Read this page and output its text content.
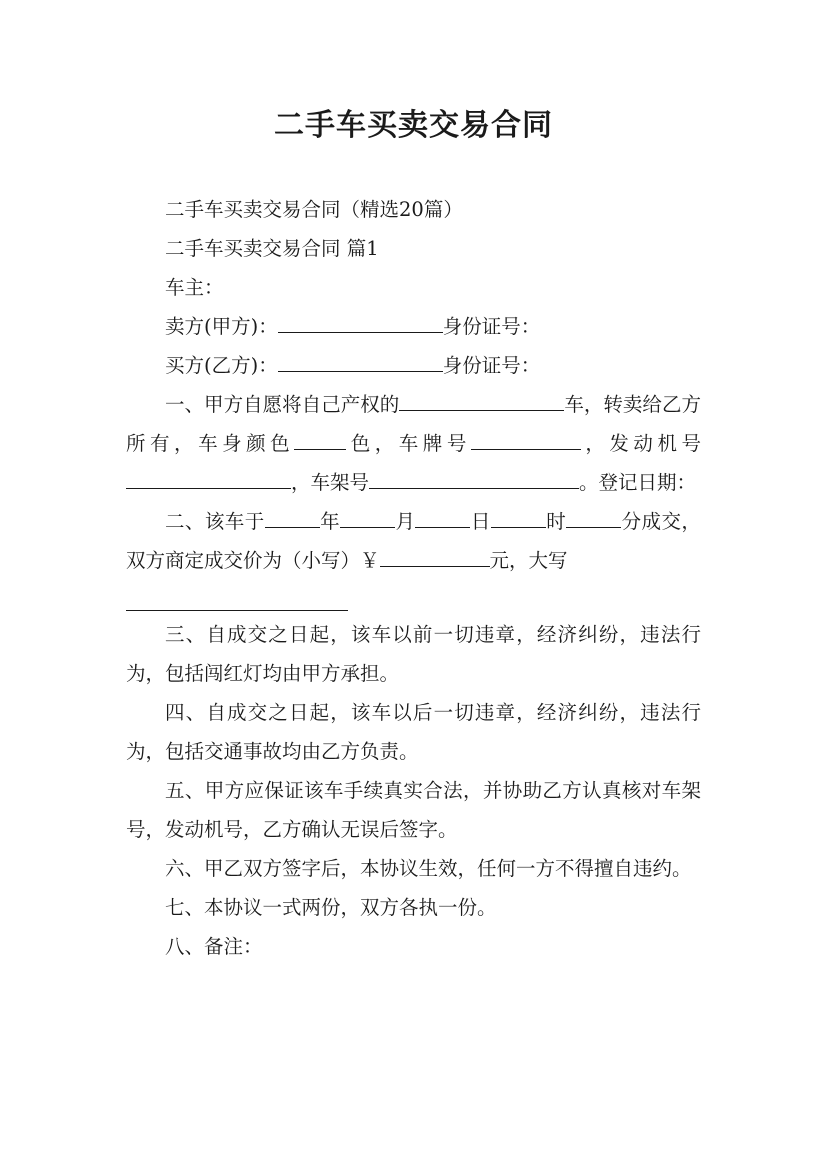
二手车买卖交易合同

二手车买卖交易合同（精选20篇）

二手车买卖交易合同 篇1

车主：

卖方(甲方)：	身份证号：

买方(乙方)：	身份证号：

一、甲方自愿将自己产权的	车，转卖给乙方所有，车身颜色	色，车牌号	，发动机号，车架号	。登记日期：

二、该车于	年	月	日	时	分成交，双方商定成交价为（小写）￥	元，大写

三、自成交之日起，该车以前一切违章，经济纠纷，违法行为，包括闯红灯均由甲方承担。

四、自成交之日起，该车以后一切违章，经济纠纷，违法行为，包括交通事故均由乙方负责。

五、甲方应保证该车手续真实合法，并协助乙方认真核对车架号，发动机号，乙方确认无误后签字。

六、甲乙双方签字后，本协议生效，任何一方不得擅自违约。

七、本协议一式两份，双方各执一份。

八、备注：
